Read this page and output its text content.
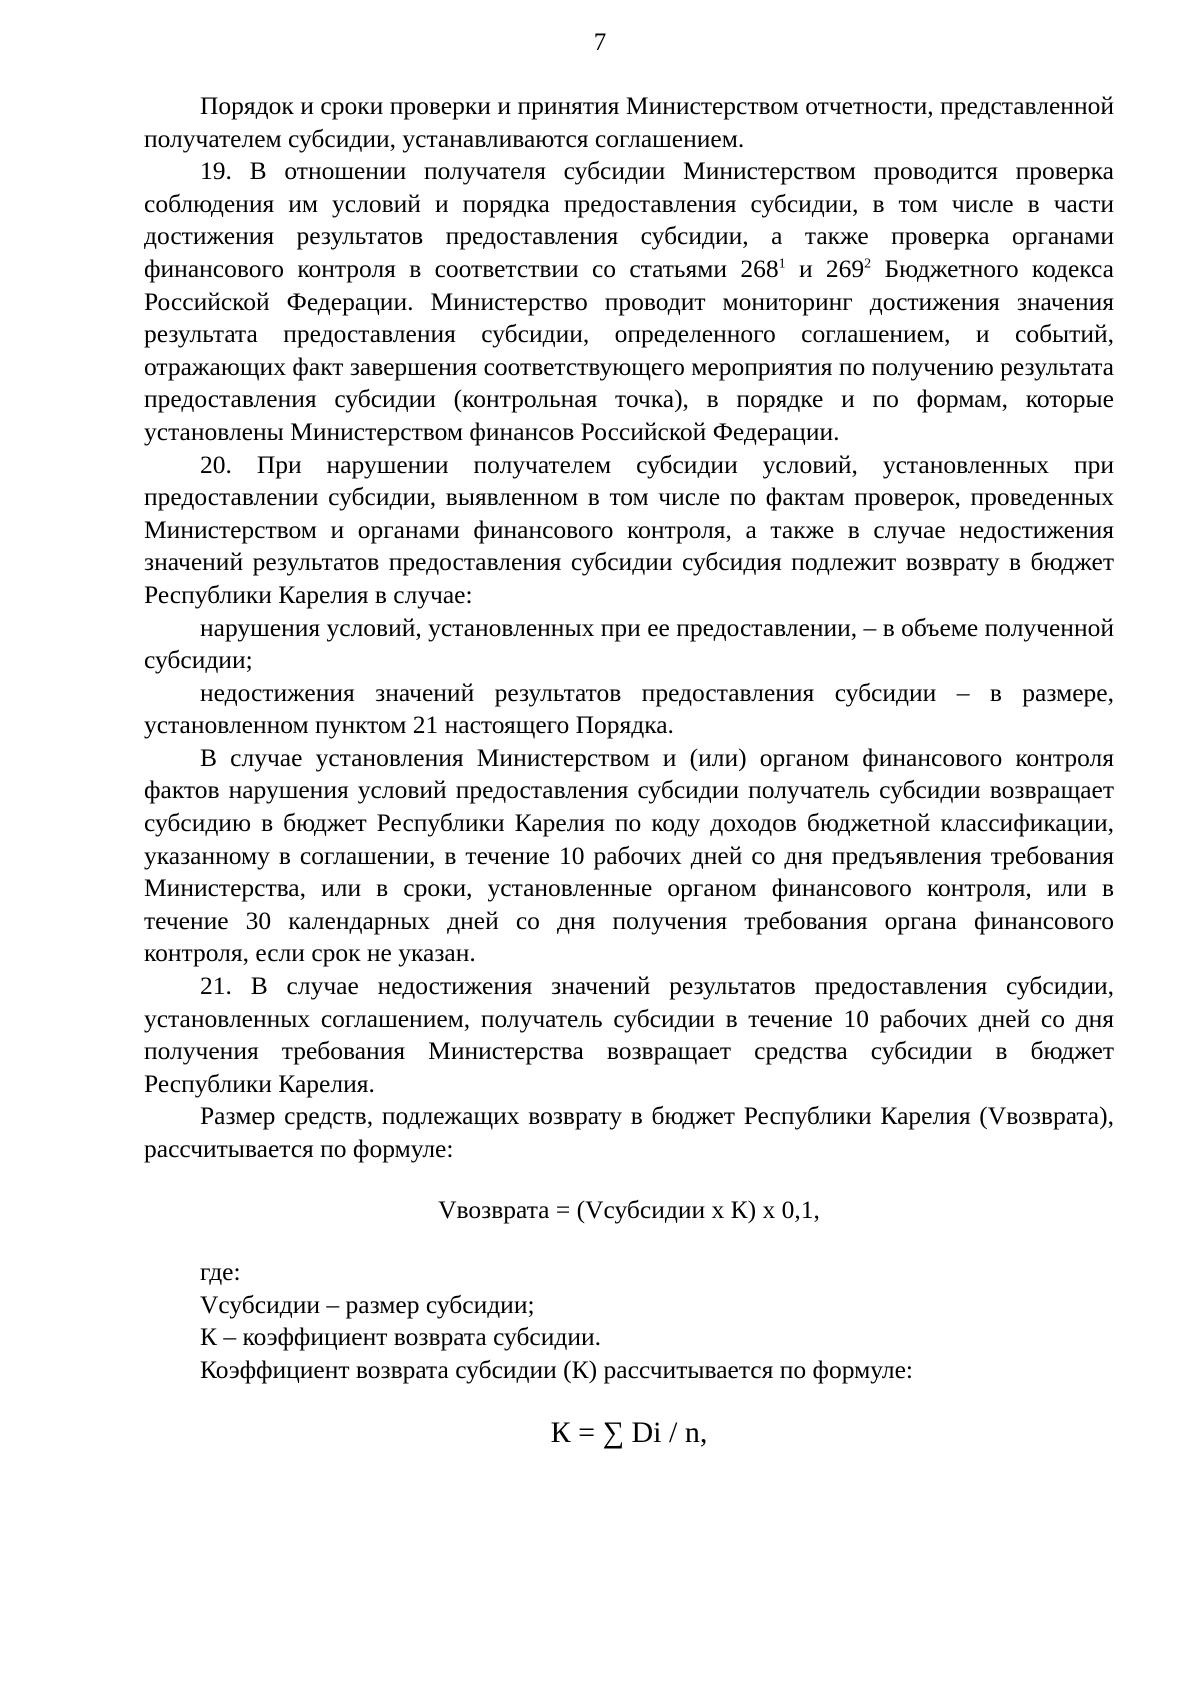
7

Порядок и сроки проверки и принятия Министерством отчетности, представленной получателем субсидии, устанавливаются соглашением.

19. В отношении получателя субсидии Министерством проводится проверка соблюдения им условий и порядка предоставления субсидии, в том числе в части достижения результатов предоставления субсидии, а также проверка органами финансового контроля в соответствии со статьями $268^1$ и $269^2$ Бюджетного кодекса Российской Федерации. Министерство проводит мониторинг достижения значения результата предоставления субсидии, определенного соглашением, и событий, отражающих факт завершения соответствующего мероприятия по получению результата предоставления субсидии (контрольная точка), в порядке и по формам, которые установлены Министерством финансов Российской Федерации.

20. При нарушении получателем субсидии условий, установленных при предоставлении субсидии, выявленном в том числе по фактам проверок, проведенных Министерством и органами финансового контроля, а также в случае недостижения значений результатов предоставления субсидии субсидия подлежит возврату в бюджет Республики Карелия в случае:

нарушения условий, установленных при ее предоставлении, – в объеме полученной субсидии;

недостижения значений результатов предоставления субсидии – в размере, установленном пунктом 21 настоящего Порядка.

В случае установления Министерством и (или) органом финансового контроля фактов нарушения условий предоставления субсидии получатель субсидии возвращает субсидию в бюджет Республики Карелия по коду доходов бюджетной классификации, указанному в соглашении, в течение 10 рабочих дней со дня предъявления требования Министерства, или в сроки, установленные органом финансового контроля, или в течение 30 календарных дней со дня получения требования органа финансового контроля, если срок не указан.

21. В случае недостижения значений результатов предоставления субсидии, установленных соглашением, получатель субсидии в течение 10 рабочих дней со дня получения требования Министерства возвращает средства субсидии в бюджет Республики Карелия.

Размер средств, подлежащих возврату в бюджет Республики Карелия (Vвозврата), рассчитывается по формуле:

Vвозврата = (Vсубсидии х К) х 0,1,

где:

Vсубсидии – размер субсидии;

К – коэффициент возврата субсидии.

Коэффициент возврата субсидии (К) рассчитывается по формуле:

К = ∑ Di / n,
